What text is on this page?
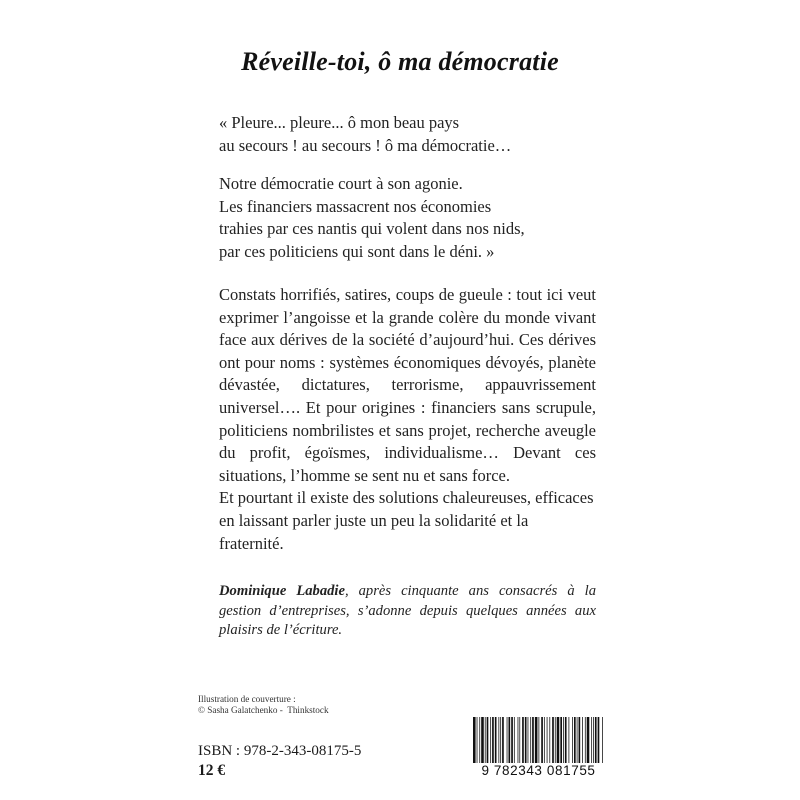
Réveille-toi, ô ma démocratie
« Pleure... pleure... ô mon beau pays
au secours ! au secours ! ô ma démocratie…
Notre démocratie court à son agonie.
Les financiers massacrent nos économies
trahies par ces nantis qui volent dans nos nids,
par ces politiciens qui sont dans le déni. »

Constats horrifiés, satires, coups de gueule : tout ici veut exprimer l’angoisse et la grande colère du monde vivant face aux dérives de la société d’aujourd’hui. Ces dérives ont pour noms : systèmes économiques dévoyés, planète dévastée, dictatures, terrorisme, appauvrissement universel…. Et pour origines : financiers sans scrupule, politiciens nombrilistes et sans projet, recherche aveugle du profit, égoïsmes, individualisme… Devant ces situations, l’homme se sent nu et sans force.

Et pourtant il existe des solutions chaleureuses, efficaces en laissant parler juste un peu la solidarité et la fraternité.

Dominique Labadie, après cinquante ans consacrés à la gestion d’entreprises, s’adonne depuis quelques années aux plaisirs de l’écriture.
Illustration de couverture :
© Sasha Galatchenko -  Thinkstock
ISBN : 978-2-343-08175-5
12 €	9 782343 081755
